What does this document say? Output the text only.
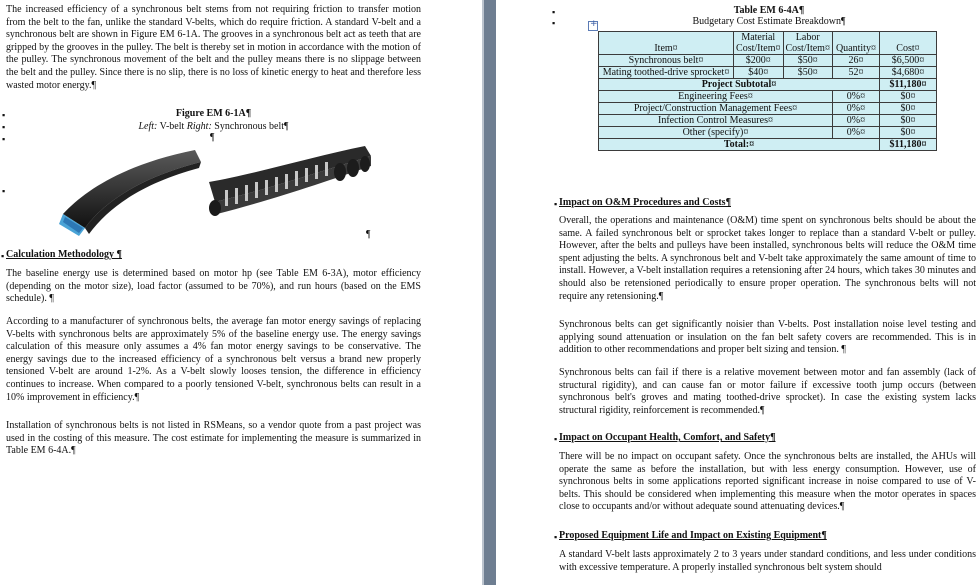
The increased efficiency of a synchronous belt stems from not requiring friction to transfer motion from the belt to the fan, unlike the standard V-belts, which do require friction. A standard V-belt and a synchronous belt are shown in Figure EM 6-1A. The grooves in a synchronous belt act as teeth that are gripped by the grooves in the pulley. The belt is thereby set in motion in accordance with the motion of the pulley. The synchronous movement of the belt and the pulley means there is no slippage between the belt and the pulley. Since there is no slip, there is no loss of kinetic energy to heat and therefore less wasted motor energy.¶

▪	Figure EM 6-1A¶
▪	Left: V-belt Right: Synchronous belt¶
▪	¶
▪
¶
▪ Calculation Methodology ¶

The baseline energy use is determined based on motor hp (see Table EM 6-3A), motor efficiency (depending on the motor size), load factor (assumed to be 70%), and run hours (based on the EMS schedule). ¶

According to a manufacturer of synchronous belts, the average fan motor energy savings of replacing V-belts with synchronous belts are approximately 5% of the baseline energy use. The energy savings calculation of this measure only assumes a 4% fan motor energy savings to be conservative. The energy savings due to the increased efficiency of a synchronous belt versus a brand new properly tensioned V-belt are around 1-2%. As a V-belt slowly looses tension, the difference in efficiency continues to increase. When compared to a poorly tensioned V-belt, synchronous belts can result in a 10% improvement in efficiency.¶

Installation of synchronous belts is not listed in RSMeans, so a vendor quote from a past project was used in the costing of this measure. The cost estimate for implementing the measure is summarized in Table EM 6-4A.¶

▪	Table EM 6-4A¶
▪	Budgetary Cost Estimate Breakdown¶
+
Item¤	Material Cost/Item¤	Labor Cost/Item¤	Quantity¤	Cost¤
Synchronous belt¤	$200¤	$50¤	26¤	$6,500¤
Mating toothed-drive sprocket¤	$40¤	$50¤	52¤	$4,680¤
Project Subtotal¤				$11,180¤
Engineering Fees¤			0%¤	$0¤
Project/Construction Management Fees¤			0%¤	$0¤
Infection Control Measures¤			0%¤	$0¤
Other (specify)¤			0%¤	$0¤
Total:¤				$11,180¤
▪ Impact on O&M Procedures and Costs¶

Overall, the operations and maintenance (O&M) time spent on synchronous belts should be about the same. A failed synchronous belt or sprocket takes longer to replace than a standard V-belt or pulley. However, after the belts and pulleys have been installed, synchronous belts will reduce the O&M time spent adjusting the belts. A synchronous belt and V-belt take approximately the same amount of time to install. However, a V-belt installation requires a retensioning after 24 hours, which takes 30 minutes and should also be retensioned periodically to ensure proper operation. The synchronous belts will not require any retensioning.¶

Synchronous belts can get significantly noisier than V-belts. Post installation noise level testing and applying sound attenuation or insulation on the fan belt safety covers are recommended. This is in addition to other recommendations and proper belt sizing and tension. ¶

Synchronous belts can fail if there is a relative movement between motor and fan assembly (lack of structural rigidity), and can cause fan or motor failure if excessive tooth jump occurs (between synchronous belt's groves and mating toothed-drive sprocket). In case the existing system lacks structural rigidity, reinforcement is recommended.¶

▪ Impact on Occupant Health, Comfort, and Safety¶

There will be no impact on occupant safety. Once the synchronous belts are installed, the AHUs will operate the same as before the installation, but with less energy consumption. However, use of synchronous belts in some applications reported significant increase in noise compared to use of V-belts. This should be considered when implementing this measure when the motor operates in spaces close to occupants and/or without adequate sound attenuating devices.¶

▪ Proposed Equipment Life and Impact on Existing Equipment¶

A standard V-belt lasts approximately 2 to 3 years under standard conditions, and less under conditions with excessive temperature. A properly installed synchronous belt system should
